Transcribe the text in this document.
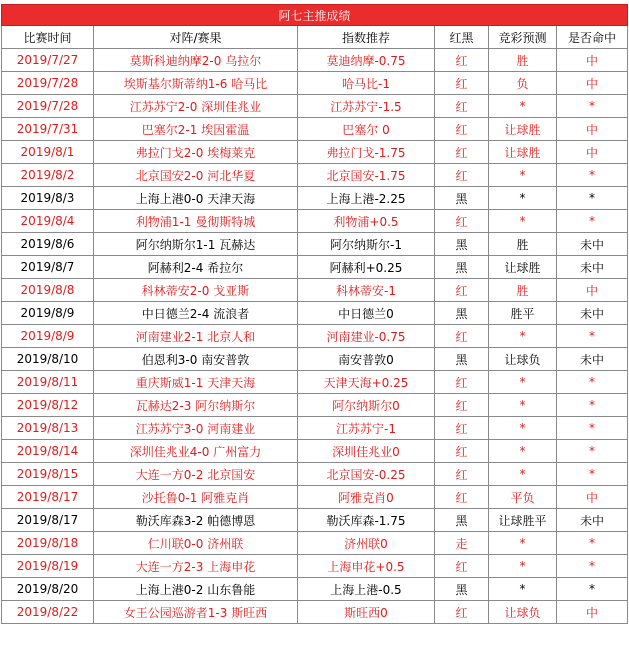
阿七主推成绩					
比赛时间	对阵/赛果	指数推荐	红黑	竞彩预测	是否命中
2019/7/27	莫斯科迪纳摩2-0 乌拉尔	莫迪纳摩-0.75	红	胜	中
2019/7/28	埃斯基尔斯蒂纳1-6 哈马比	哈马比-1	红	负	中
2019/7/28	江苏苏宁2-0 深圳佳兆业	江苏苏宁-1.5	红	*	*
2019/7/31	巴塞尔2-1 埃因霍温	巴塞尔 0	红	让球胜	中
2019/8/1	弗拉门戈2-0 埃梅莱克	弗拉门戈-1.75	红	让球胜	中
2019/8/2	北京国安2-0 河北华夏	北京国安-1.75	红	*	*
2019/8/3	上海上港0-0 天津天海	上海上港-2.25	黑	*	*
2019/8/4	利物浦1-1 曼彻斯特城	利物浦+0.5	红	*	*
2019/8/6	阿尔纳斯尔1-1 瓦赫达	阿尔纳斯尔-1	黑	胜	未中
2019/8/7	阿赫利2-4 希拉尔	阿赫利+0.25	黑	让球胜	未中
2019/8/8	科林蒂安2-0 戈亚斯	科林蒂安-1	红	胜	中
2019/8/9	中日德兰2-4 流浪者	中日德兰0	黑	胜平	未中
2019/8/9	河南建业2-1 北京人和	河南建业-0.75	红	*	*
2019/8/10	伯恩利3-0 南安普敦	南安普敦0	黑	让球负	未中
2019/8/11	重庆斯威1-1 天津天海	天津天海+0.25	红	*	*
2019/8/12	瓦赫达2-3 阿尔纳斯尔	阿尔纳斯尔0	红	*	*
2019/8/13	江苏苏宁3-0 河南建业	江苏苏宁-1	红	*	*
2019/8/14	深圳佳兆业4-0 广州富力	深圳佳兆业0	红	*	*
2019/8/15	大连一方0-2 北京国安	北京国安-0.25	红	*	*
2019/8/17	沙托鲁0-1 阿雅克肖	阿雅克肖0	红	平负	中
2019/8/17	勒沃库森3-2 帕德博恩	勒沃库森-1.75	黑	让球胜平	未中
2019/8/18	仁川联0-0 济州联	济州联0	走	*	*
2019/8/19	大连一方2-3 上海申花	上海申花+0.5	红	*	*
2019/8/20	上海上港0-2 山东鲁能	上海上港-0.5	黑	*	*
2019/8/22	女王公园巡游者1-3 斯旺西	斯旺西0	红	让球负	中
